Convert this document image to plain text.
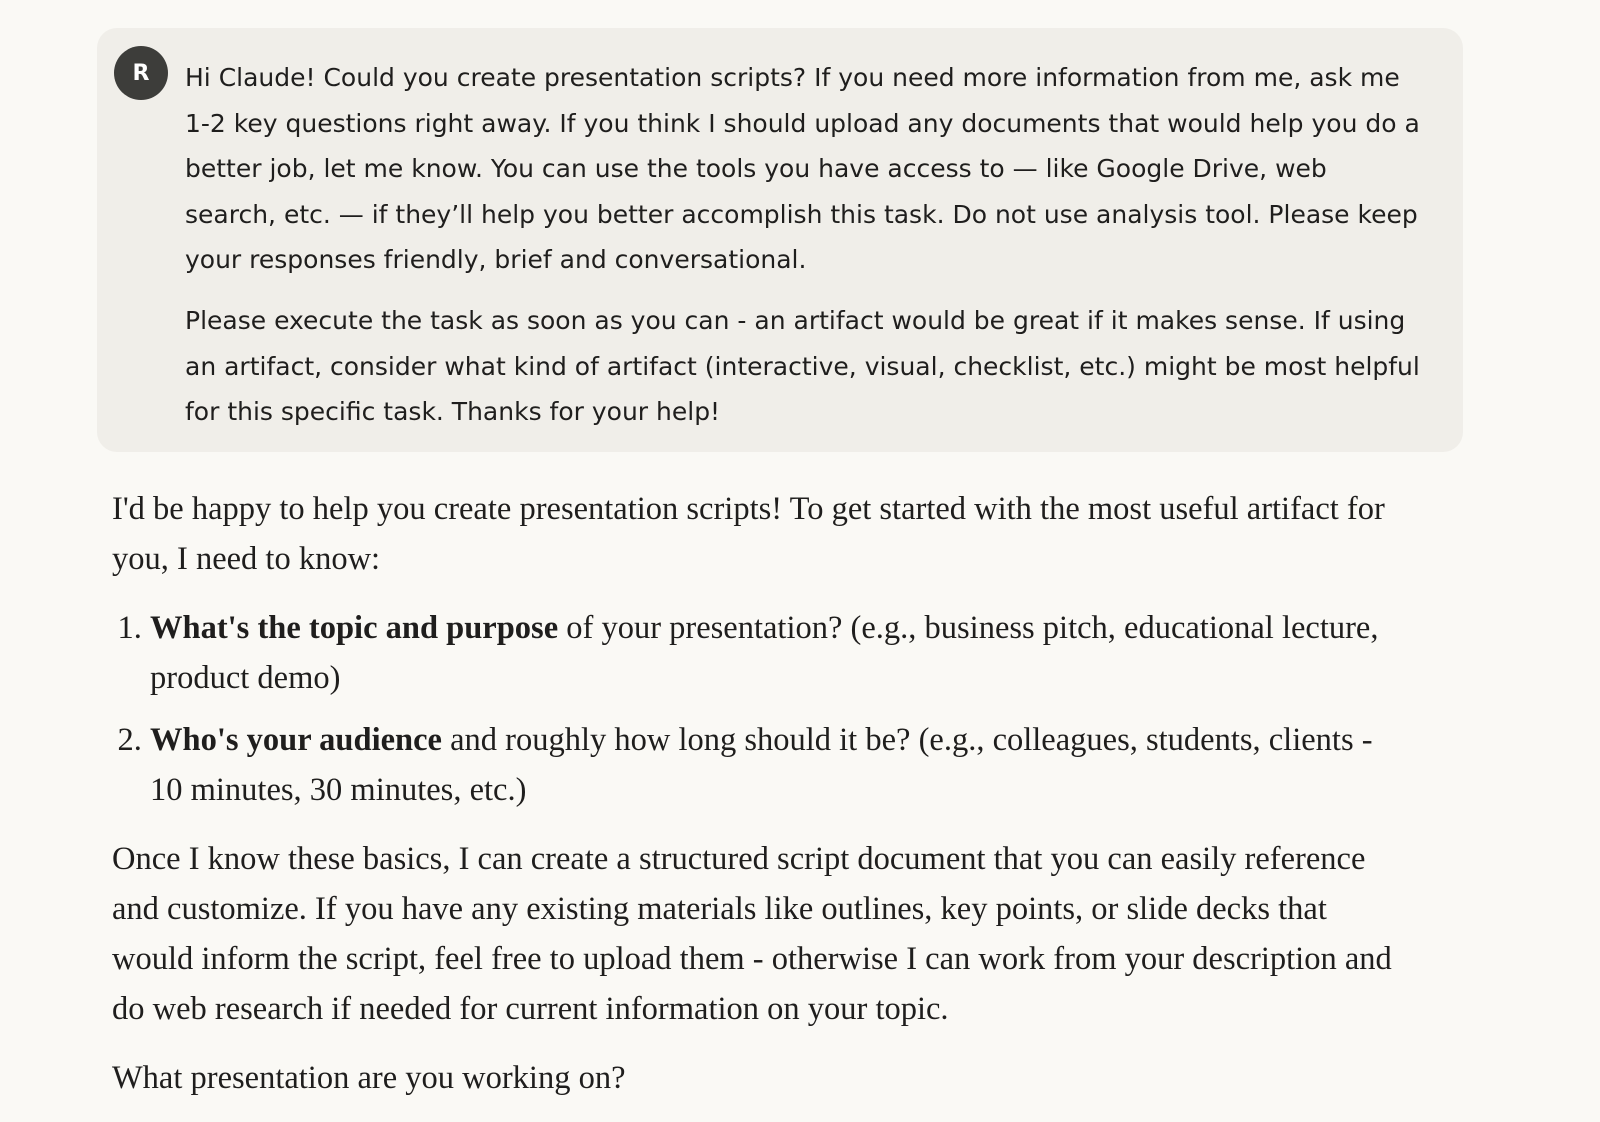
R	Hi Claude! Could you create presentation scripts? If you need more information from me, ask me 1-2 key questions right away. If you think I should upload any documents that would help you do a better job, let me know. You can use the tools you have access to — like Google Drive, web search, etc. — if they’ll help you better accomplish this task. Do not use analysis tool. Please keep your responses friendly, brief and conversational.

Please execute the task as soon as you can - an artifact would be great if it makes sense. If using an artifact, consider what kind of artifact (interactive, visual, checklist, etc.) might be most helpful for this specific task. Thanks for your help!

I'd be happy to help you create presentation scripts! To get started with the most useful artifact for you, I need to know:

1. What's the topic and purpose of your presentation? (e.g., business pitch, educational lecture, product demo)
2. Who's your audience and roughly how long should it be? (e.g., colleagues, students, clients - 10 minutes, 30 minutes, etc.)

Once I know these basics, I can create a structured script document that you can easily reference and customize. If you have any existing materials like outlines, key points, or slide decks that would inform the script, feel free to upload them - otherwise I can work from your description and do web research if needed for current information on your topic.

What presentation are you working on?
